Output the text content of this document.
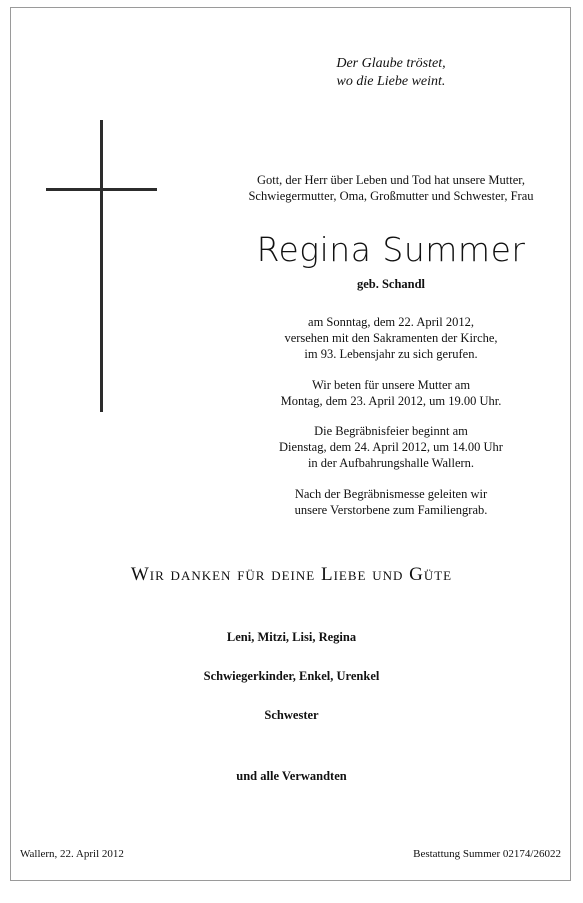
Der Glaube tröstet,
wo die Liebe weint.
Gott, der Herr über Leben und Tod hat unsere Mutter,
Schwiegermutter, Oma, Großmutter und Schwester, Frau
Regina Summer
geb. Schandl
am Sonntag, dem 22. April 2012,
versehen mit den Sakramenten der Kirche,
im 93. Lebensjahr zu sich gerufen.
Wir beten für unsere Mutter am
Montag, dem 23. April 2012, um 19.00 Uhr.
Die Begräbnisfeier beginnt am
Dienstag, dem 24. April 2012, um 14.00 Uhr
in der Aufbahrungshalle Wallern.
Nach der Begräbnismesse geleiten wir
unsere Verstorbene zum Familiengrab.
Wir danken für deine Liebe und Güte
Leni, Mitzi, Lisi, Regina
Schwiegerkinder, Enkel, Urenkel
Schwester
und alle Verwandten
Wallern, 22. April 2012	Bestattung Summer 02174/26022
